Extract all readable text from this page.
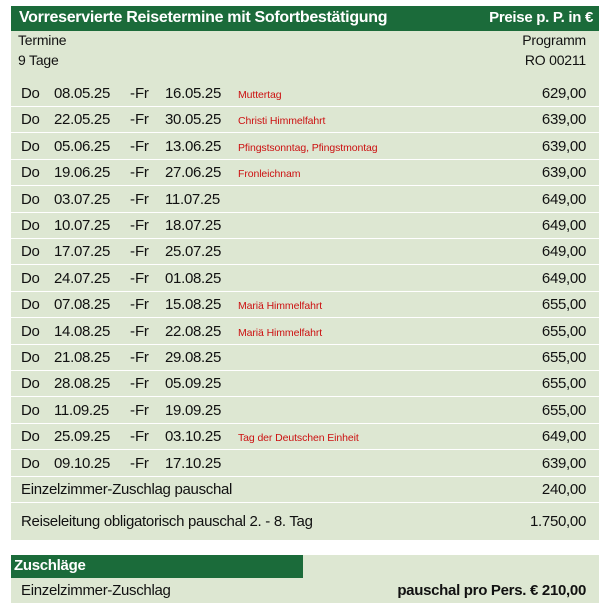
Vorreservierte Reisetermine mit Sofortbestätigung	Preise p. P. in €
Termine	Programm
9 Tage	RO 00211
Do 08.05.25 - Fr 16.05.25 Muttertag	629,00
Do 22.05.25 - Fr 30.05.25 Christi Himmelfahrt	639,00
Do 05.06.25 - Fr 13.06.25 Pfingstsonntag, Pfingstmontag	639,00
Do 19.06.25 - Fr 27.06.25 Fronleichnam	639,00
Do 03.07.25 - Fr 11.07.25	649,00
Do 10.07.25 - Fr 18.07.25	649,00
Do 17.07.25 - Fr 25.07.25	649,00
Do 24.07.25 - Fr 01.08.25	649,00
Do 07.08.25 - Fr 15.08.25 Mariä Himmelfahrt	655,00
Do 14.08.25 - Fr 22.08.25 Mariä Himmelfahrt	655,00
Do 21.08.25 - Fr 29.08.25	655,00
Do 28.08.25 - Fr 05.09.25	655,00
Do 11.09.25 - Fr 19.09.25	655,00
Do 25.09.25 - Fr 03.10.25 Tag der Deutschen Einheit	649,00
Do 09.10.25 - Fr 17.10.25	639,00
Einzelzimmer-Zuschlag pauschal	240,00
Reiseleitung obligatorisch pauschal 2. - 8. Tag	1.750,00
Zuschläge
Einzelzimmer-Zuschlag	pauschal pro Pers. € 210,00
